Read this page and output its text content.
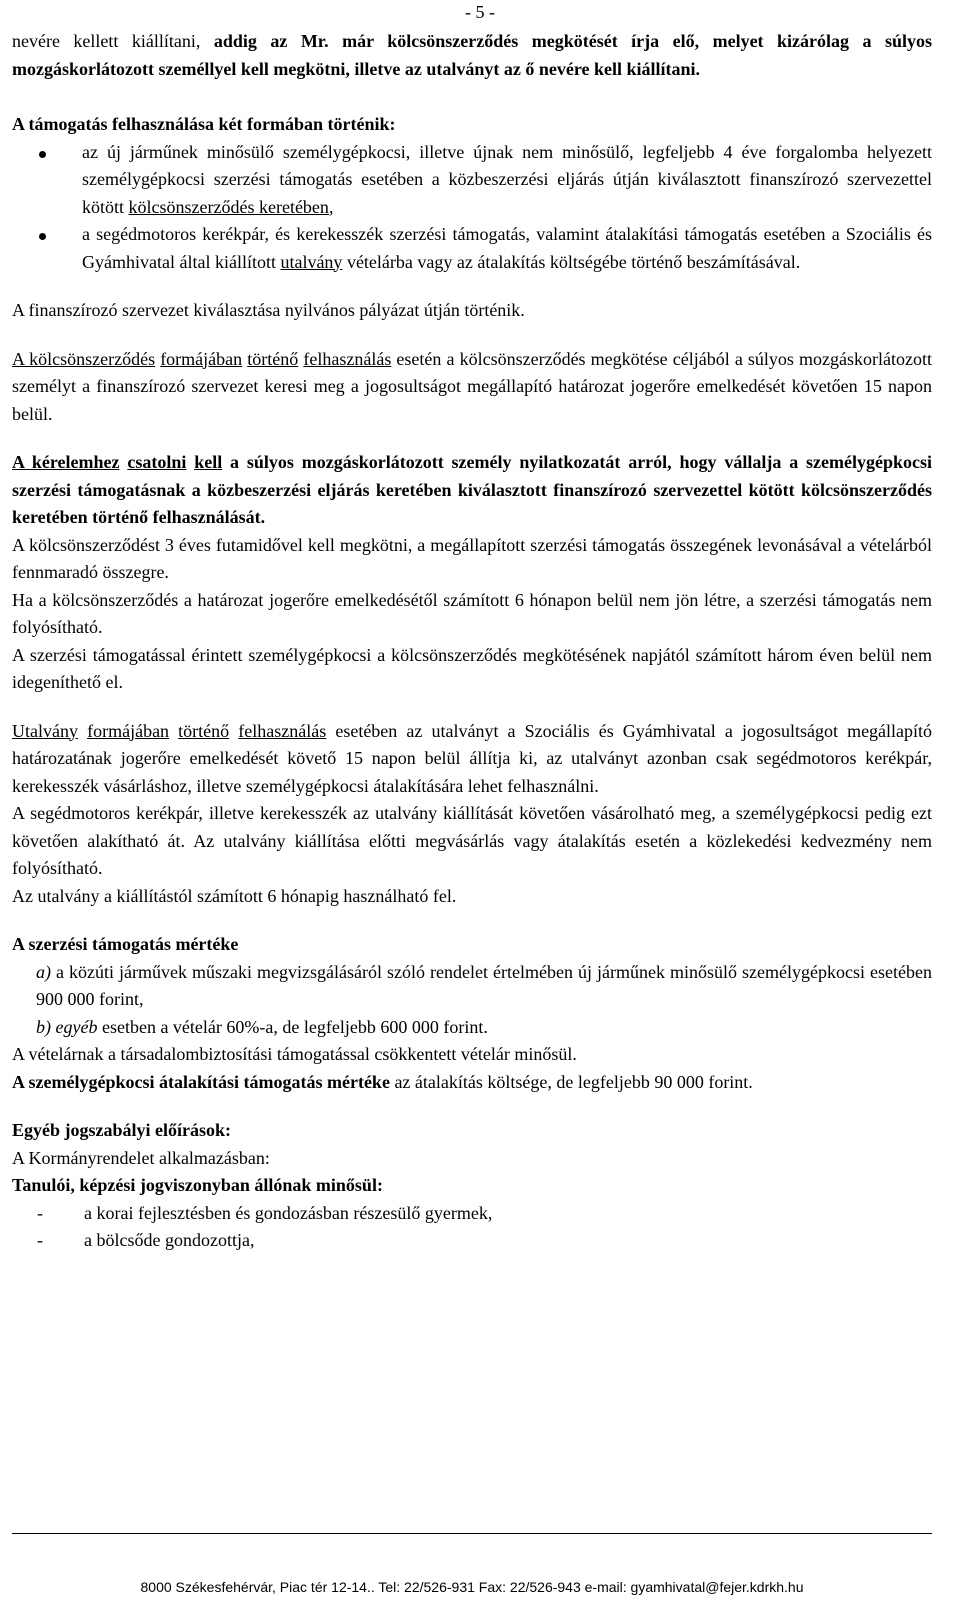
- 5 -

nevére kellett kiállítani, addig az Mr. már kölcsönszerződés megkötését írja elő, melyet kizárólag a súlyos mozgáskorlátozott személlyel kell megkötni, illetve az utalványt az ő nevére kell kiállítani.

A támogatás felhasználása két formában történik:

az új járműnek minősülő személygépkocsi, illetve újnak nem minősülő, legfeljebb 4 éve forgalomba helyezett személygépkocsi szerzési támogatás esetében a közbeszerzési eljárás útján kiválasztott finanszírozó szervezettel kötött kölcsönszerződés keretében,
a segédmotoros kerékpár, és kerekesszék szerzési támogatás, valamint átalakítási támogatás esetében a Szociális és Gyámhivatal által kiállított utalvány vételárba vagy az átalakítás költségébe történő beszámításával.

A finanszírozó szervezet kiválasztása nyilvános pályázat útján történik.

A kölcsönszerződés formájában történő felhasználás esetén a kölcsönszerződés megkötése céljából a súlyos mozgáskorlátozott személyt a finanszírozó szervezet keresi meg a jogosultságot megállapító határozat jogerőre emelkedését követően 15 napon belül.

A kérelemhez csatolni kell a súlyos mozgáskorlátozott személy nyilatkozatát arról, hogy vállalja a személygépkocsi szerzési támogatásnak a közbeszerzési eljárás keretében kiválasztott finanszírozó szervezettel kötött kölcsönszerződés keretében történő felhasználását.

A kölcsönszerződést 3 éves futamidővel kell megkötni, a megállapított szerzési támogatás összegének levonásával a vételárból fennmaradó összegre.

Ha a kölcsönszerződés a határozat jogerőre emelkedésétől számított 6 hónapon belül nem jön létre, a szerzési támogatás nem folyósítható.

A szerzési támogatással érintett személygépkocsi a kölcsönszerződés megkötésének napjától számított három éven belül nem idegeníthető el.

Utalvány formájában történő felhasználás esetében az utalványt a Szociális és Gyámhivatal a jogosultságot megállapító határozatának jogerőre emelkedését követő 15 napon belül állítja ki, az utalványt azonban csak segédmotoros kerékpár, kerekesszék vásárláshoz, illetve személygépkocsi átalakítására lehet felhasználni.

A segédmotoros kerékpár, illetve kerekesszék az utalvány kiállítását követően vásárolható meg, a személygépkocsi pedig ezt követően alakítható át. Az utalvány kiállítása előtti megvásárlás vagy átalakítás esetén a közlekedési kedvezmény nem folyósítható.

Az utalvány a kiállítástól számított 6 hónapig használható fel.

A szerzési támogatás mértéke

a) a közúti járművek műszaki megvizsgálásáról szóló rendelet értelmében új járműnek minősülő személygépkocsi esetében 900 000 forint,

b) egyéb esetben a vételár 60%-a, de legfeljebb 600 000 forint.

A vételárnak a társadalombiztosítási támogatással csökkentett vételár minősül.

A személygépkocsi átalakítási támogatás mértéke az átalakítás költsége, de legfeljebb 90 000 forint.

Egyéb jogszabályi előírások:

A Kormányrendelet alkalmazásban:

Tanulói, képzési jogviszonyban állónak minősül:

- a korai fejlesztésben és gondozásban részesülő gyermek,
- a bölcsőde gondozottja,
8000 Székesfehérvár, Piac tér 12-14.. Tel: 22/526-931 Fax: 22/526-943 e-mail: gyamhivatal@fejer.kdrkh.hu
